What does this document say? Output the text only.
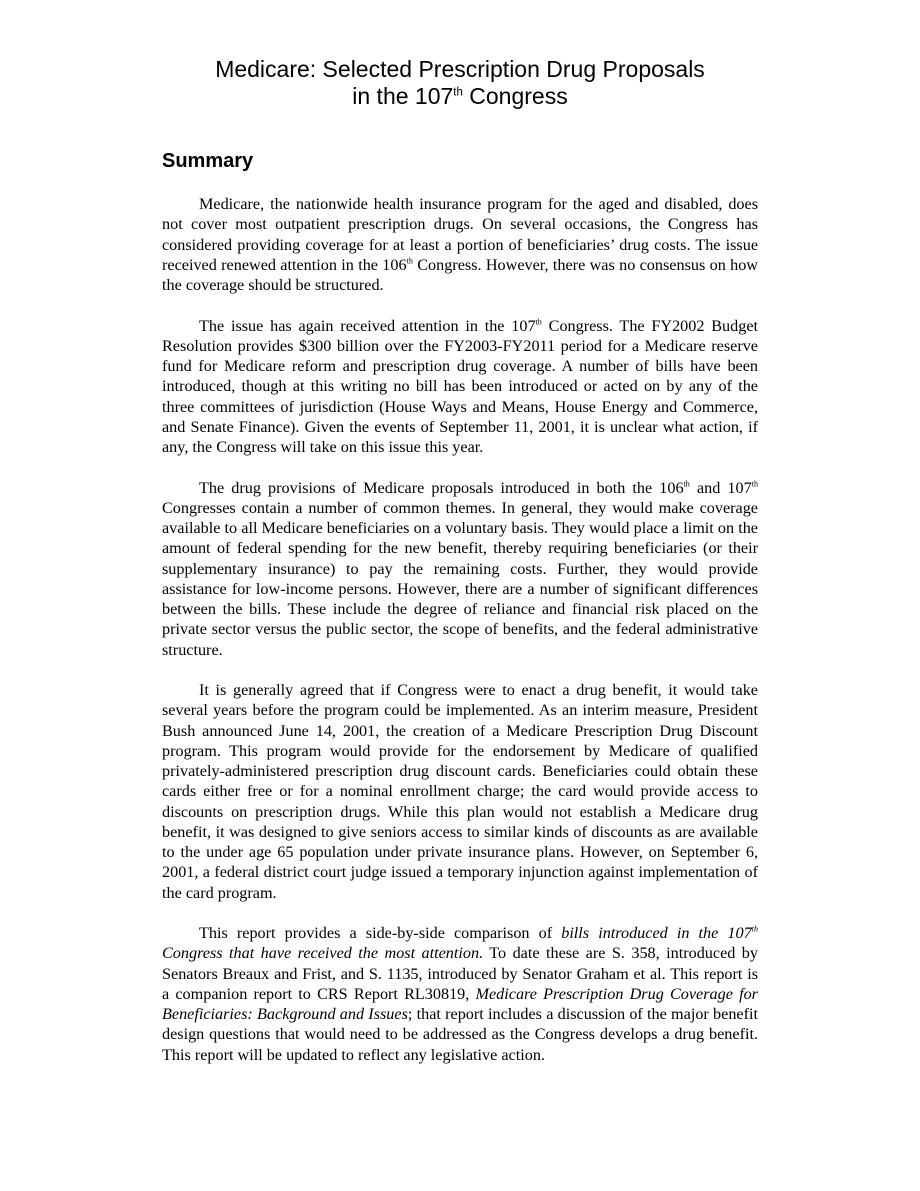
Medicare: Selected Prescription Drug Proposals
in the 107th Congress
Summary

Medicare, the nationwide health insurance program for the aged and disabled, does not cover most outpatient prescription drugs. On several occasions, the Congress has considered providing coverage for at least a portion of beneficiaries’ drug costs. The issue received renewed attention in the 106th Congress. However, there was no consensus on how the coverage should be structured.

The issue has again received attention in the 107th Congress. The FY2002 Budget Resolution provides $300 billion over the FY2003-FY2011 period for a Medicare reserve fund for Medicare reform and prescription drug coverage. A number of bills have been introduced, though at this writing no bill has been introduced or acted on by any of the three committees of jurisdiction (House Ways and Means, House Energy and Commerce, and Senate Finance). Given the events of September 11, 2001, it is unclear what action, if any, the Congress will take on this issue this year.

The drug provisions of Medicare proposals introduced in both the 106th and 107th Congresses contain a number of common themes. In general, they would make coverage available to all Medicare beneficiaries on a voluntary basis. They would place a limit on the amount of federal spending for the new benefit, thereby requiring beneficiaries (or their supplementary insurance) to pay the remaining costs. Further, they would provide assistance for low-income persons. However, there are a number of significant differences between the bills. These include the degree of reliance and financial risk placed on the private sector versus the public sector, the scope of benefits, and the federal administrative structure.

It is generally agreed that if Congress were to enact a drug benefit, it would take several years before the program could be implemented. As an interim measure, President Bush announced June 14, 2001, the creation of a Medicare Prescription Drug Discount program. This program would provide for the endorsement by Medicare of qualified privately-administered prescription drug discount cards. Beneficiaries could obtain these cards either free or for a nominal enrollment charge; the card would provide access to discounts on prescription drugs. While this plan would not establish a Medicare drug benefit, it was designed to give seniors access to similar kinds of discounts as are available to the under age 65 population under private insurance plans. However, on September 6, 2001, a federal district court judge issued a temporary injunction against implementation of the card program.

This report provides a side-by-side comparison of bills introduced in the 107th Congress that have received the most attention. To date these are S. 358, introduced by Senators Breaux and Frist, and S. 1135, introduced by Senator Graham et al. This report is a companion report to CRS Report RL30819, Medicare Prescription Drug Coverage for Beneficiaries: Background and Issues; that report includes a discussion of the major benefit design questions that would need to be addressed as the Congress develops a drug benefit. This report will be updated to reflect any legislative action.
